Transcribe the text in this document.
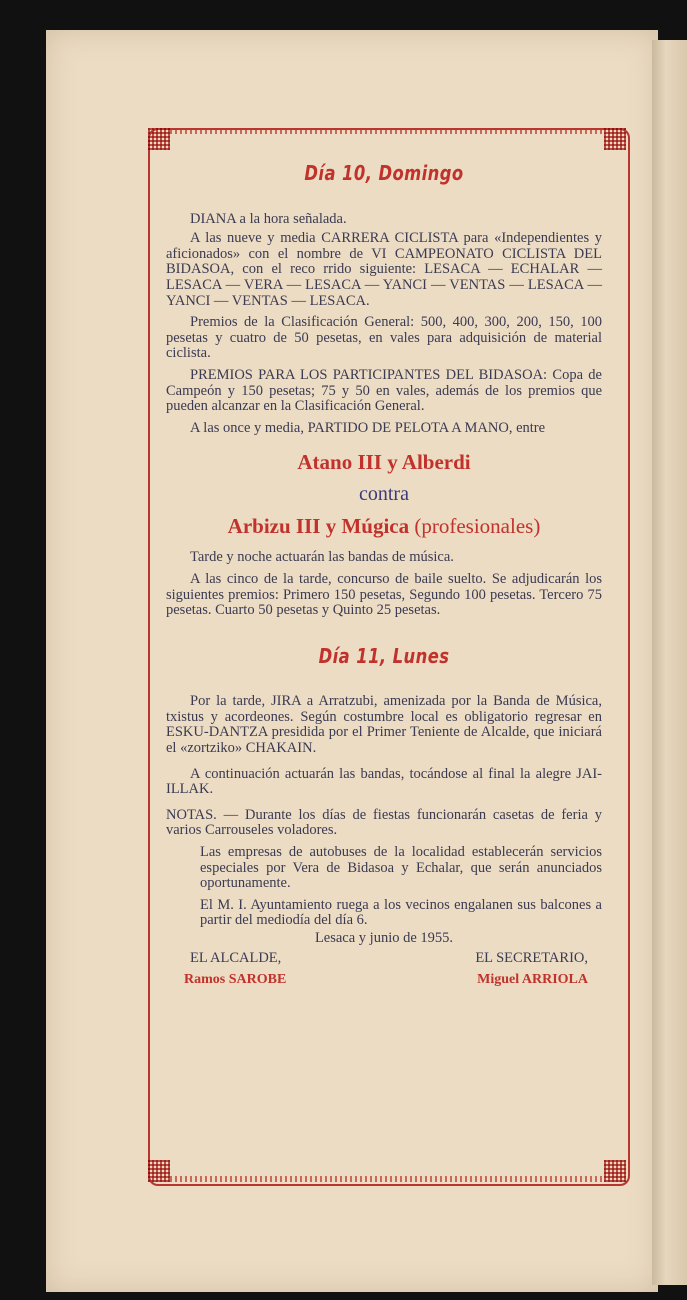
Día 10, Domingo

DIANA a la hora señalada.

A las nueve y media CARRERA CICLISTA para «Independientes y aficionados» con el nombre de VI CAMPEONATO CICLISTA DEL BIDASOA, con el reco rrido siguiente: LESACA — ECHALAR — LESACA — VERA — LESACA — YANCI — VENTAS — LESACA — YANCI — VENTAS — LESACA.

Premios de la Clasificación General: 500, 400, 300, 200, 150, 100 pesetas y cuatro de 50 pesetas, en vales para adquisición de material ciclista.

PREMIOS PARA LOS PARTICIPANTES DEL BIDASOA: Copa de Campeón y 150 pesetas; 75 y 50 en vales, además de los premios que pueden alcanzar en la Clasificación General.

A las once y media, PARTIDO DE PELOTA A MANO, entre

Atano III y Alberdi
contra
Arbizu III y Múgica (profesionales)

Tarde y noche actuarán las bandas de música.

A las cinco de la tarde, concurso de baile suelto. Se adjudicarán los siguientes premios: Primero 150 pesetas, Segundo 100 pesetas. Tercero 75 pesetas. Cuarto 50 pesetas y Quinto 25 pesetas.

Día 11, Lunes

Por la tarde, JIRA a Arratzubi, amenizada por la Banda de Música, txistus y acordeones. Según costumbre local es obligatorio regresar en ESKU-DANTZA presidida por el Primer Teniente de Alcalde, que iniciará el «zortziko» CHAKAIN.

A continuación actuarán las bandas, tocándose al final la alegre JAI-ILLAK.

NOTAS. — Durante los días de fiestas funcionarán casetas de feria y varios Carrouseles voladores.

Las empresas de autobuses de la localidad establecerán servicios especiales por Vera de Bidasoa y Echalar, que serán anunciados oportunamente.

El M. I. Ayuntamiento ruega a los vecinos engalanen sus balcones a partir del mediodía del día 6.

Lesaca y junio de 1955.
EL ALCALDE,	EL SECRETARIO,
Ramos SAROBE	Miguel ARRIOLA
